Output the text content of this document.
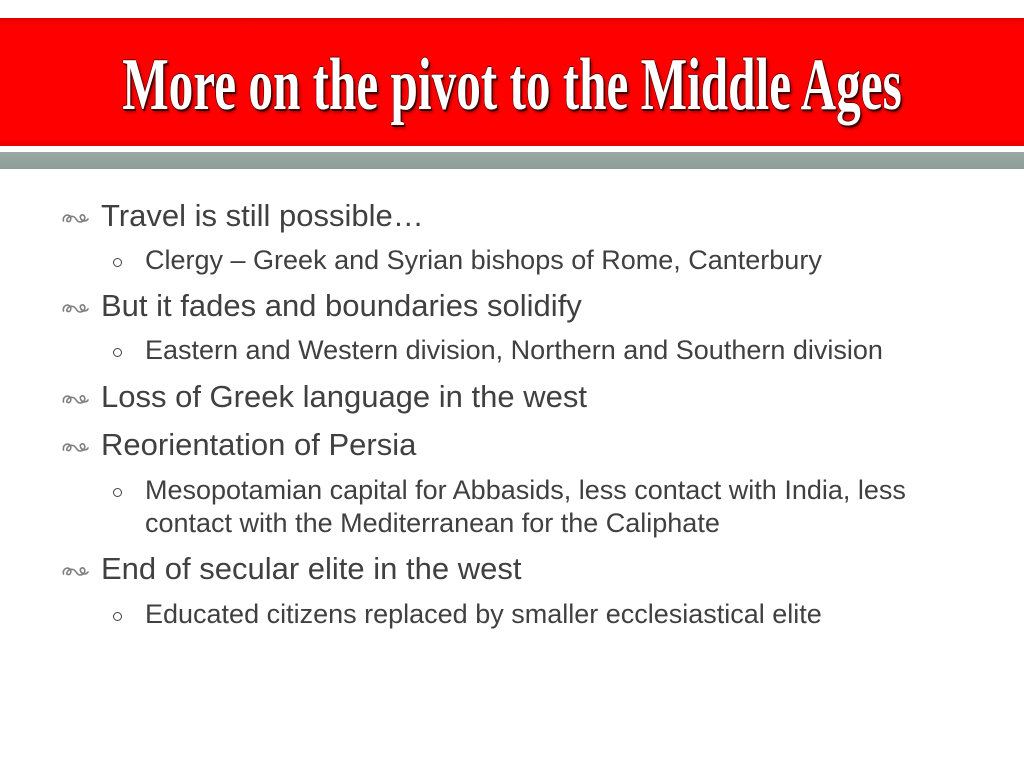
More on the pivot to the Middle Ages
Travel is still possible…
Clergy – Greek and Syrian bishops of Rome, Canterbury
But it fades and boundaries solidify
Eastern and Western division, Northern and Southern division
Loss of Greek language in the west
Reorientation of Persia
Mesopotamian capital for Abbasids, less contact with India, less contact with the Mediterranean for the Caliphate
End of secular elite in the west
Educated citizens replaced by smaller ecclesiastical elite
